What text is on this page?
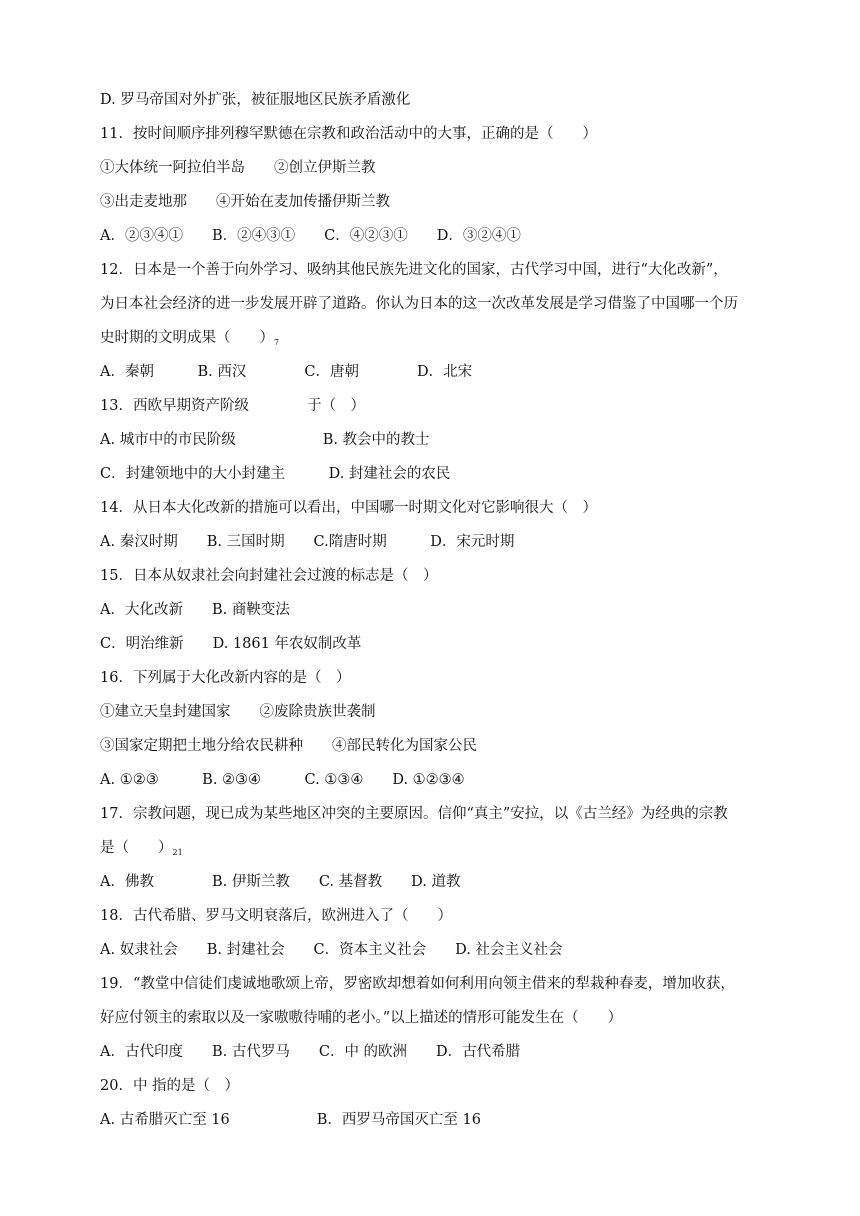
D. 罗马帝国对外扩张，被征服地区民族矛盾激化
11．按时间顺序排列穆罕默德在宗教和政治活动中的大事，正确的是（　　）
①大体统一阿拉伯半岛　　②创立伊斯兰教
③出走麦地那　　④开始在麦加传播伊斯兰教
A．②③④①　　B．②④③①　　C．④②③①　　D．③②④①
12．日本是一个善于向外学习、吸纳其他民族先进文化的国家，古代学习中国，进行“大化改新”，
为日本社会经济的进一步发展开辟了道路。你认为日本的这一次改革发展是学习借鉴了中国哪一个历
史时期的文明成果（　　）$_7$
A．秦朝　　　B. 西汉　　　　C．唐朝　　　　D．北宋
13．西欧早期资产阶级　　　　于（　）
A. 城市中的市民阶级　　　　　　B. 教会中的教士
C．封建领地中的大小封建主　　　D. 封建社会的农民
14．从日本大化改新的措施可以看出，中国哪一时期文化对它影响很大（　）
A. 秦汉时期　　B. 三国时期　　C.隋唐时期　　　D．宋元时期
15．日本从奴隶社会向封建社会过渡的标志是（　）
A．大化改新　　B. 商鞅变法
C．明治维新　　D. 1861 年农奴制改革
16．下列属于大化改新内容的是（　）
①建立天皇封建国家　　②废除贵族世袭制
③国家定期把土地分给农民耕种　　④部民转化为国家公民
A. ①②③　　　B. ②③④　　　C. ①③④　　D. ①②③④
17．宗教问题，现已成为某些地区冲突的主要原因。信仰“真主”安拉，以《古兰经》为经典的宗教
是（　　）$_{21}$
A．佛教　　　　B. 伊斯兰教　　C. 基督教　　D. 道教
18．古代希腊、罗马文明衰落后，欧洲进入了（　　）
A. 奴隶社会　　B. 封建社会　　C．资本主义社会　　D. 社会主义社会
19．“教堂中信徒们虔诚地歌颂上帝，罗密欧却想着如何利用向领主借来的犁栽种春麦，增加收获，
好应付领主的索取以及一家嗷嗷待哺的老小。”以上描述的情形可能发生在（　　）
A．古代印度　　B. 古代罗马　　C．中 的欧洲　　D．古代希腊
20．中 指的是（　）
A. 古希腊灭亡至 16　　　　　　B．西罗马帝国灭亡至 16
